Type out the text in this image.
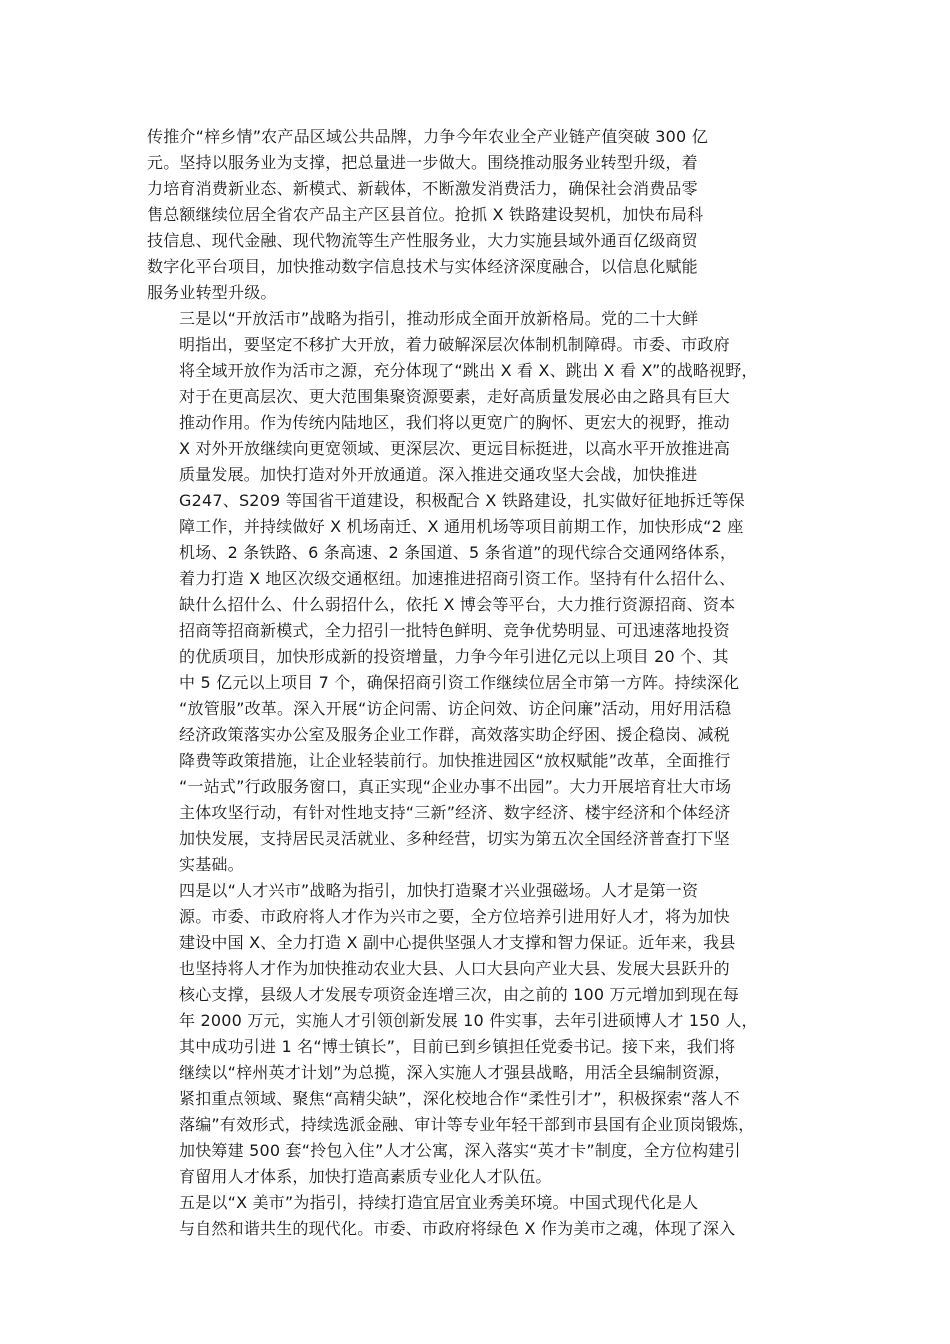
传推介“梓乡情”农产品区域公共品牌，力争今年农业全产业链产值突破 300 亿
元。坚持以服务业为支撑，把总量进一步做大。围绕推动服务业转型升级，着
力培育消费新业态、新模式、新载体，不断激发消费活力，确保社会消费品零
售总额继续位居全省农产品主产区县首位。抢抓 X 铁路建设契机，加快布局科
技信息、现代金融、现代物流等生产性服务业，大力实施县域外通百亿级商贸
数字化平台项目，加快推动数字信息技术与实体经济深度融合，以信息化赋能
服务业转型升级。
三是以“开放活市”战略为指引，推动形成全面开放新格局。党的二十大鲜
明指出，要坚定不移扩大开放，着力破解深层次体制机制障碍。市委、市政府
将全域开放作为活市之源，充分体现了“跳出 X 看 X、跳出 X 看 X”的战略视野，
对于在更高层次、更大范围集聚资源要素，走好高质量发展必由之路具有巨大
推动作用。作为传统内陆地区，我们将以更宽广的胸怀、更宏大的视野，推动
X 对外开放继续向更宽领域、更深层次、更远目标挺进，以高水平开放推进高
质量发展。加快打造对外开放通道。深入推进交通攻坚大会战，加快推进
G247、S209 等国省干道建设，积极配合 X 铁路建设，扎实做好征地拆迁等保
障工作，并持续做好 X 机场南迁、X 通用机场等项目前期工作，加快形成“2 座
机场、2 条铁路、6 条高速、2 条国道、5 条省道”的现代综合交通网络体系，
着力打造 X 地区次级交通枢纽。加速推进招商引资工作。坚持有什么招什么、
缺什么招什么、什么弱招什么，依托 X 博会等平台，大力推行资源招商、资本
招商等招商新模式，全力招引一批特色鲜明、竞争优势明显、可迅速落地投资
的优质项目，加快形成新的投资增量，力争今年引进亿元以上项目 20 个、其
中 5 亿元以上项目 7 个，确保招商引资工作继续位居全市第一方阵。持续深化
“放管服”改革。深入开展“访企问需、访企问效、访企问廉”活动，用好用活稳
经济政策落实办公室及服务企业工作群，高效落实助企纾困、援企稳岗、减税
降费等政策措施，让企业轻装前行。加快推进园区“放权赋能”改革，全面推行
“一站式”行政服务窗口，真正实现“企业办事不出园”。大力开展培育壮大市场
主体攻坚行动，有针对性地支持“三新”经济、数字经济、楼宇经济和个体经济
加快发展，支持居民灵活就业、多种经营，切实为第五次全国经济普查打下坚
实基础。
四是以“人才兴市”战略为指引，加快打造聚才兴业强磁场。人才是第一资
源。市委、市政府将人才作为兴市之要，全方位培养引进用好人才，将为加快
建设中国 X、全力打造 X 副中心提供坚强人才支撑和智力保证。近年来，我县
也坚持将人才作为加快推动农业大县、人口大县向产业大县、发展大县跃升的
核心支撑，县级人才发展专项资金连增三次，由之前的 100 万元增加到现在每
年 2000 万元，实施人才引领创新发展 10 件实事，去年引进硕博人才 150 人，
其中成功引进 1 名“博士镇长”，目前已到乡镇担任党委书记。接下来，我们将
继续以“梓州英才计划”为总揽，深入实施人才强县战略，用活全县编制资源，
紧扣重点领域、聚焦“高精尖缺”，深化校地合作“柔性引才”，积极探索“落人不
落编”有效形式，持续选派金融、审计等专业年轻干部到市县国有企业顶岗锻炼，
加快筹建 500 套“拎包入住”人才公寓，深入落实“英才卡”制度，全方位构建引
育留用人才体系，加快打造高素质专业化人才队伍。
五是以“X 美市”为指引，持续打造宜居宜业秀美环境。中国式现代化是人
与自然和谐共生的现代化。市委、市政府将绿色 X 作为美市之魂，体现了深入
